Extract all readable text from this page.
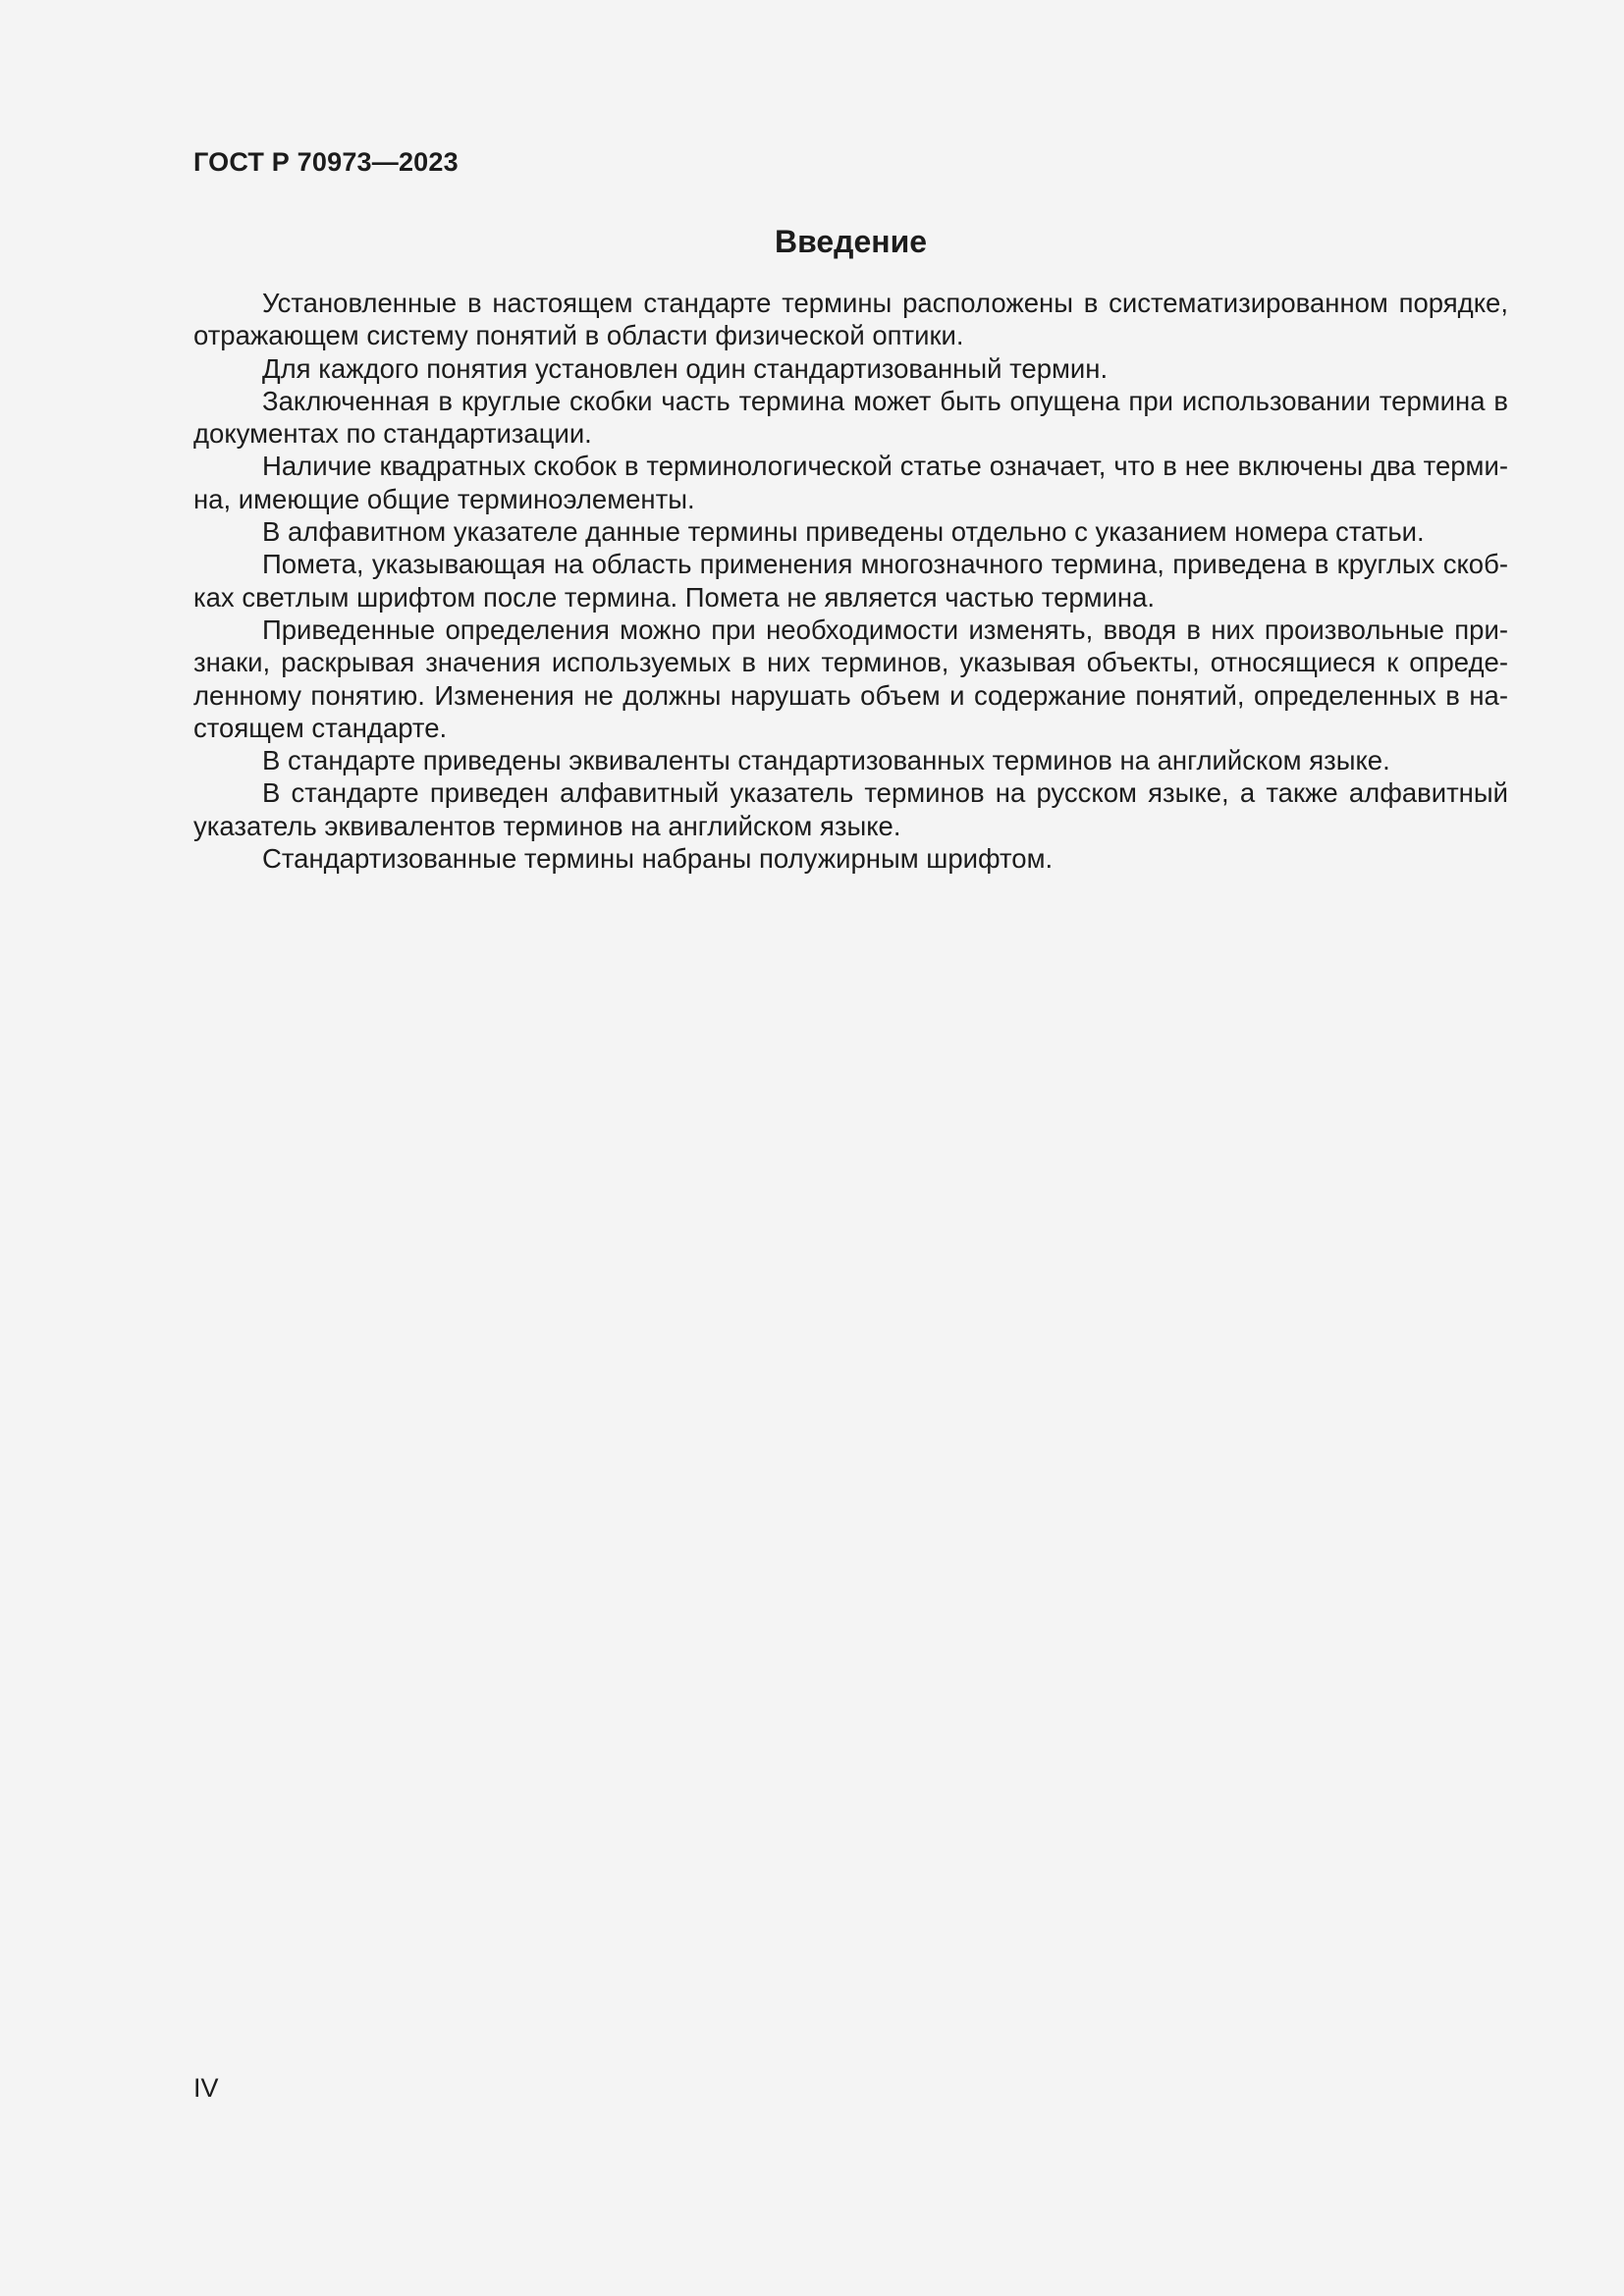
ГОСТ Р 70973—2023
Введение

Установленные в настоящем стандарте термины расположены в систематизированном порядке, отражающем систему понятий в области физической оптики.

Для каждого понятия установлен один стандартизованный термин.

Заключенная в круглые скобки часть термина может быть опущена при использовании термина в документах по стандартизации.

Наличие квадратных скобок в терминологической статье означает, что в нее включены два термина, имеющие общие терминоэлементы.

В алфавитном указателе данные термины приведены отдельно с указанием номера статьи.

Помета, указывающая на область применения многозначного термина, приведена в круглых скобках светлым шрифтом после термина. Помета не является частью термина.

Приведенные определения можно при необходимости изменять, вводя в них произвольные признаки, раскрывая значения используемых в них терминов, указывая объекты, относящиеся к определенному понятию. Изменения не должны нарушать объем и содержание понятий, определенных в настоящем стандарте.

В стандарте приведены эквиваленты стандартизованных терминов на английском языке.

В стандарте приведен алфавитный указатель терминов на русском языке, а также алфавитный указатель эквивалентов терминов на английском языке.

Стандартизованные термины набраны полужирным шрифтом.

IV
